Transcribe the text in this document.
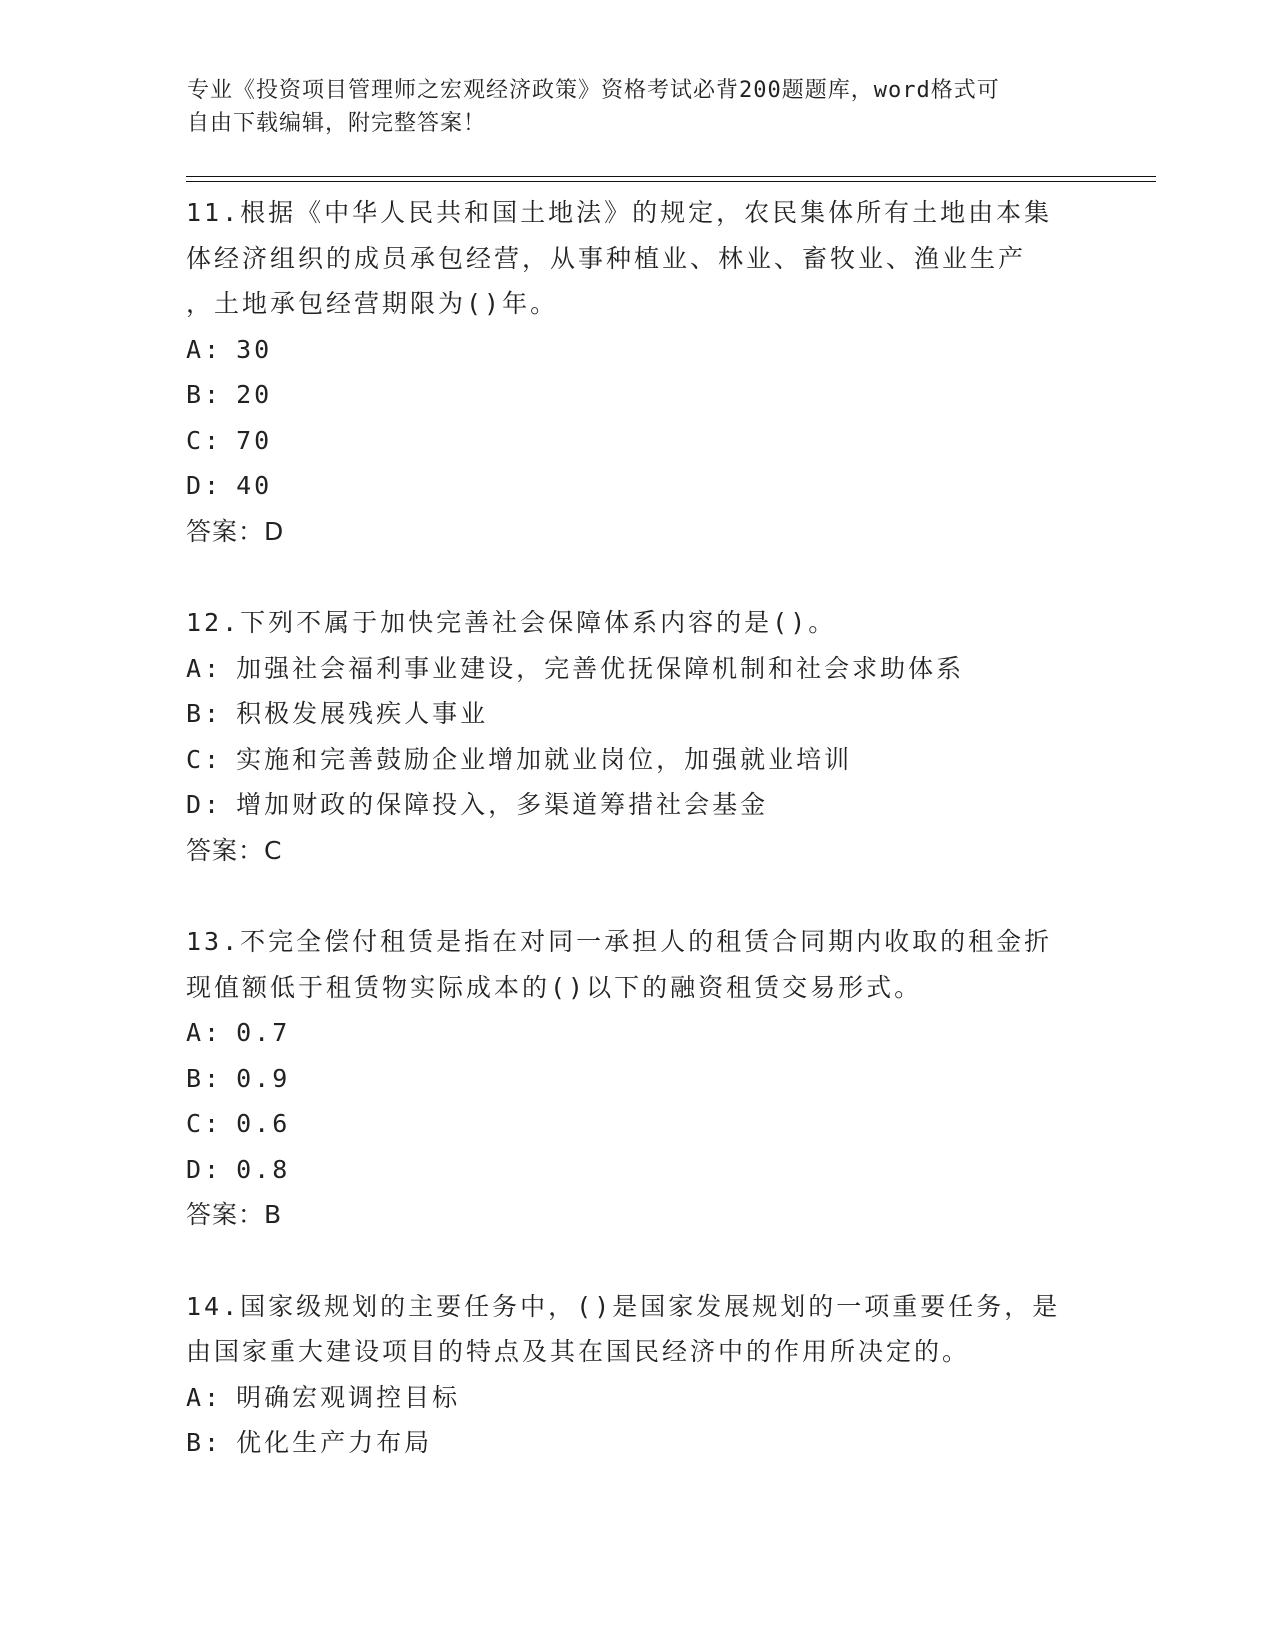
专业《投资项目管理师之宏观经济政策》资格考试必背200题题库，word格式可
自由下载编辑，附完整答案！
11.根据《中华人民共和国土地法》的规定，农民集体所有土地由本集
体经济组织的成员承包经营，从事种植业、林业、畜牧业、渔业生产
，土地承包经营期限为()年。
A: 30
B: 20
C: 70
D: 40
答案：D
12.下列不属于加快完善社会保障体系内容的是()。
A: 加强社会福利事业建设，完善优抚保障机制和社会求助体系
B: 积极发展残疾人事业
C: 实施和完善鼓励企业增加就业岗位，加强就业培训
D: 增加财政的保障投入，多渠道筹措社会基金
答案：C
13.不完全偿付租赁是指在对同一承担人的租赁合同期内收取的租金折
现值额低于租赁物实际成本的()以下的融资租赁交易形式。
A: 0.7
B: 0.9
C: 0.6
D: 0.8
答案：B
14.国家级规划的主要任务中，()是国家发展规划的一项重要任务，是
由国家重大建设项目的特点及其在国民经济中的作用所决定的。
A: 明确宏观调控目标
B: 优化生产力布局
